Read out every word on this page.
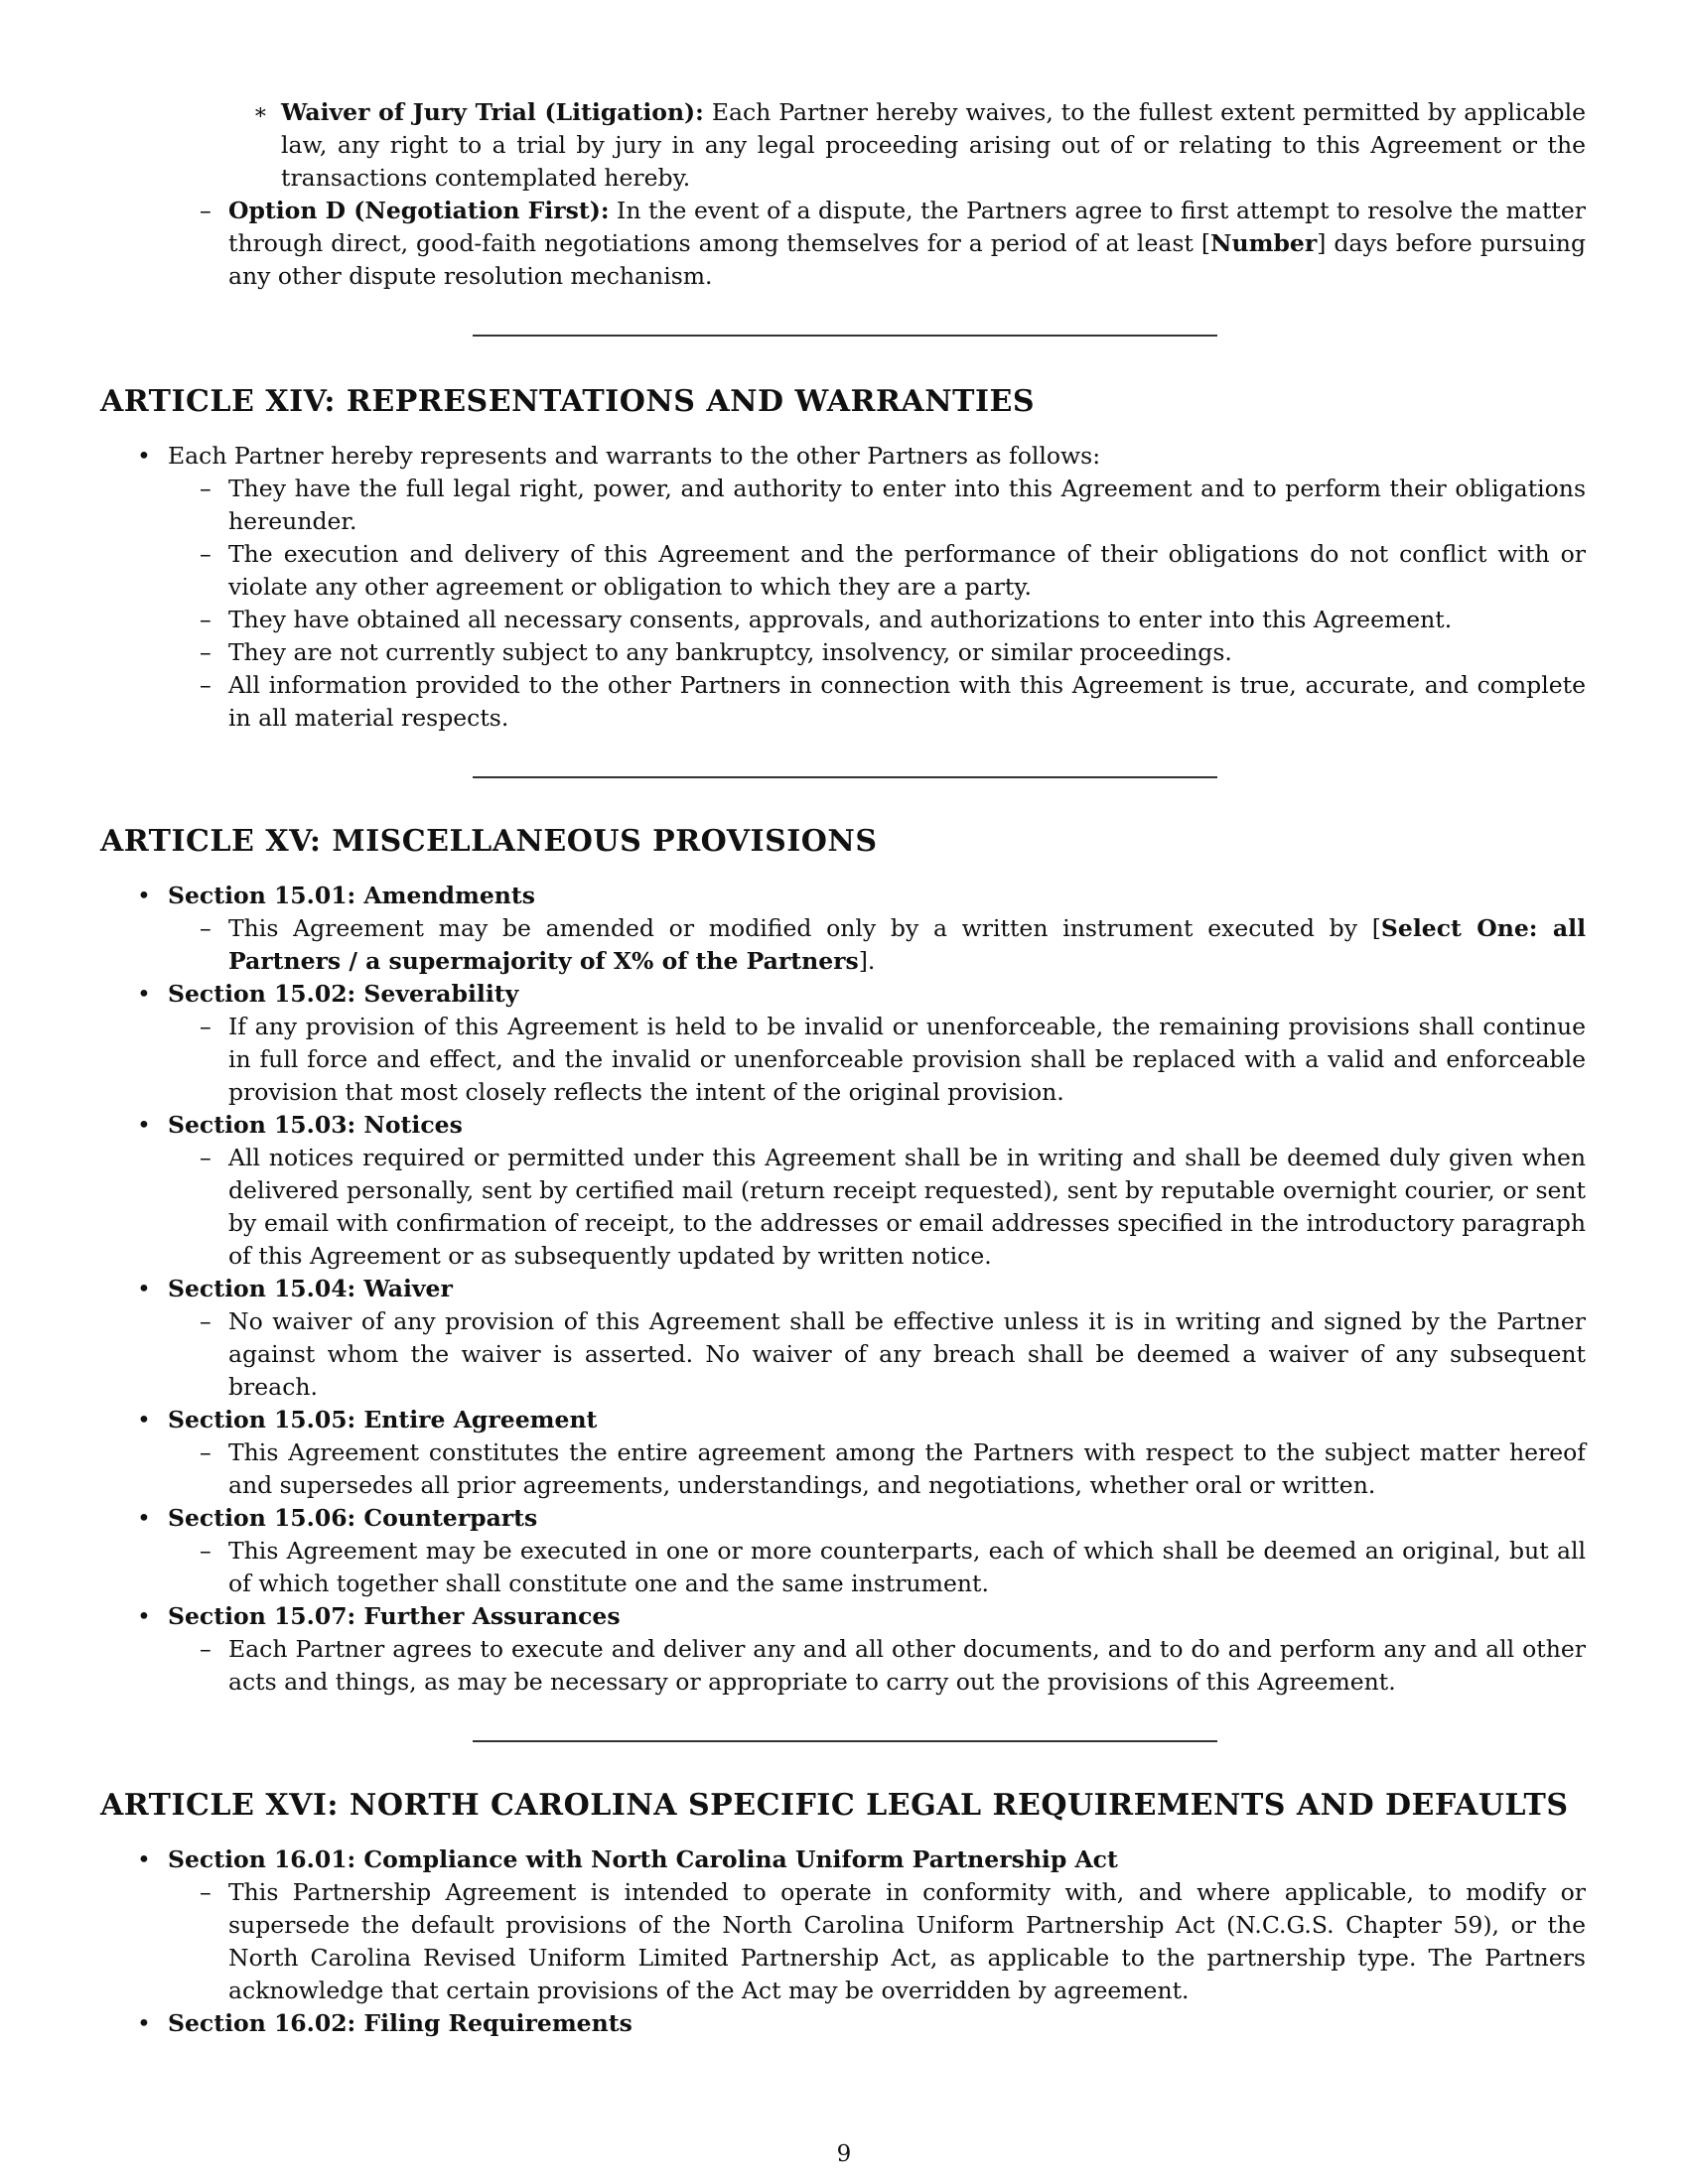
∗ Waiver of Jury Trial (Litigation): Each Partner hereby waives, to the fullest extent permitted by applicable law, any right to a trial by jury in any legal proceeding arising out of or relating to this Agreement or the transactions contemplated hereby.
– Option D (Negotiation First): In the event of a dispute, the Partners agree to first attempt to resolve the matter through direct, good-faith negotiations among themselves for a period of at least [Number] days before pursuing any other dispute resolution mechanism.
ARTICLE XIV: REPRESENTATIONS AND WARRANTIES
• Each Partner hereby represents and warrants to the other Partners as follows:
– They have the full legal right, power, and authority to enter into this Agreement and to perform their obligations hereunder.
– The execution and delivery of this Agreement and the performance of their obligations do not conflict with or violate any other agreement or obligation to which they are a party.
– They have obtained all necessary consents, approvals, and authorizations to enter into this Agreement.
– They are not currently subject to any bankruptcy, insolvency, or similar proceedings.
– All information provided to the other Partners in connection with this Agreement is true, accurate, and complete in all material respects.
ARTICLE XV: MISCELLANEOUS PROVISIONS
• Section 15.01: Amendments
– This Agreement may be amended or modified only by a written instrument executed by [Select One: all Partners / a supermajority of X% of the Partners].
• Section 15.02: Severability
– If any provision of this Agreement is held to be invalid or unenforceable, the remaining provisions shall continue in full force and effect, and the invalid or unenforceable provision shall be replaced with a valid and enforceable provision that most closely reflects the intent of the original provision.
• Section 15.03: Notices
– All notices required or permitted under this Agreement shall be in writing and shall be deemed duly given when delivered personally, sent by certified mail (return receipt requested), sent by reputable overnight courier, or sent by email with confirmation of receipt, to the addresses or email addresses specified in the introductory paragraph of this Agreement or as subsequently updated by written notice.
• Section 15.04: Waiver
– No waiver of any provision of this Agreement shall be effective unless it is in writing and signed by the Partner against whom the waiver is asserted. No waiver of any breach shall be deemed a waiver of any subsequent breach.
• Section 15.05: Entire Agreement
– This Agreement constitutes the entire agreement among the Partners with respect to the subject matter hereof and supersedes all prior agreements, understandings, and negotiations, whether oral or written.
• Section 15.06: Counterparts
– This Agreement may be executed in one or more counterparts, each of which shall be deemed an original, but all of which together shall constitute one and the same instrument.
• Section 15.07: Further Assurances
– Each Partner agrees to execute and deliver any and all other documents, and to do and perform any and all other acts and things, as may be necessary or appropriate to carry out the provisions of this Agreement.
ARTICLE XVI: NORTH CAROLINA SPECIFIC LEGAL REQUIREMENTS AND DEFAULTS
• Section 16.01: Compliance with North Carolina Uniform Partnership Act
– This Partnership Agreement is intended to operate in conformity with, and where applicable, to modify or supersede the default provisions of the North Carolina Uniform Partnership Act (N.C.G.S. Chapter 59), or the North Carolina Revised Uniform Limited Partnership Act, as applicable to the partnership type. The Partners acknowledge that certain provisions of the Act may be overridden by agreement.
• Section 16.02: Filing Requirements
9
